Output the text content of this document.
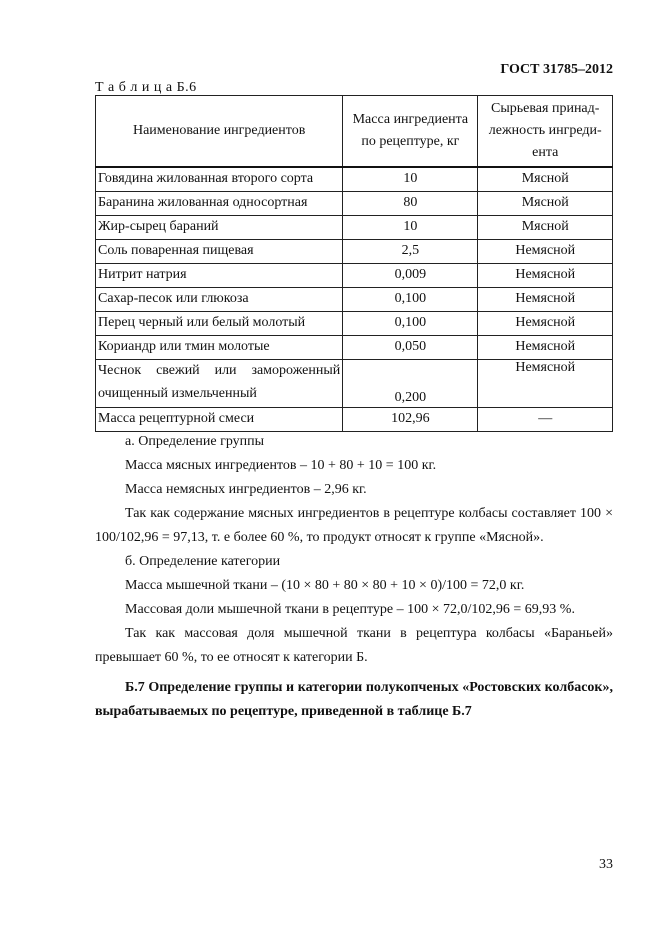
ГОСТ 31785–2012
Т а б л и ц а Б.6
Наименование ингредиентов	Масса ингредиента по рецептуре, кг	Сырьевая принад-лежность ингреди-ента
Говядина жилованная второго сорта	10	Мясной
Баранина жилованная односортная	80	Мясной
Жир-сырец бараний	10	Мясной
Соль поваренная пищевая	2,5	Немясной
Нитрит натрия	0,009	Немясной
Сахар-песок или глюкоза	0,100	Немясной
Перец черный или белый молотый	0,100	Немясной
Кориандр или тмин молотые	0,050	Немясной

Чеснок свежий или замороженный
очищенный измельченный	0,200	Немясной
Масса рецептурной смеси	102,96	—

а. Определение группы

Масса мясных ингредиентов – 10 + 80 + 10 = 100 кг.

Масса немясных ингредиентов – 2,96 кг.

Так как содержание мясных ингредиентов в рецептуре колбасы составляет 100 × 100/102,96 = 97,13, т. е более 60 %, то продукт относят к группе «Мясной».

б. Определение категории

Масса мышечной ткани – (10 × 80 + 80 × 80 + 10 × 0)/100 = 72,0 кг.

Массовая доли мышечной ткани в рецептуре – 100 × 72,0/102,96 = 69,93 %.

Так как массовая доля мышечной ткани в рецептура колбасы «Бараньей» превышает 60 %, то ее относят к категории Б.

Б.7 Определение группы и категории полукопченых «Ростовских колбасок», вырабатываемых по рецептуре, приведенной в таблице Б.7

33
